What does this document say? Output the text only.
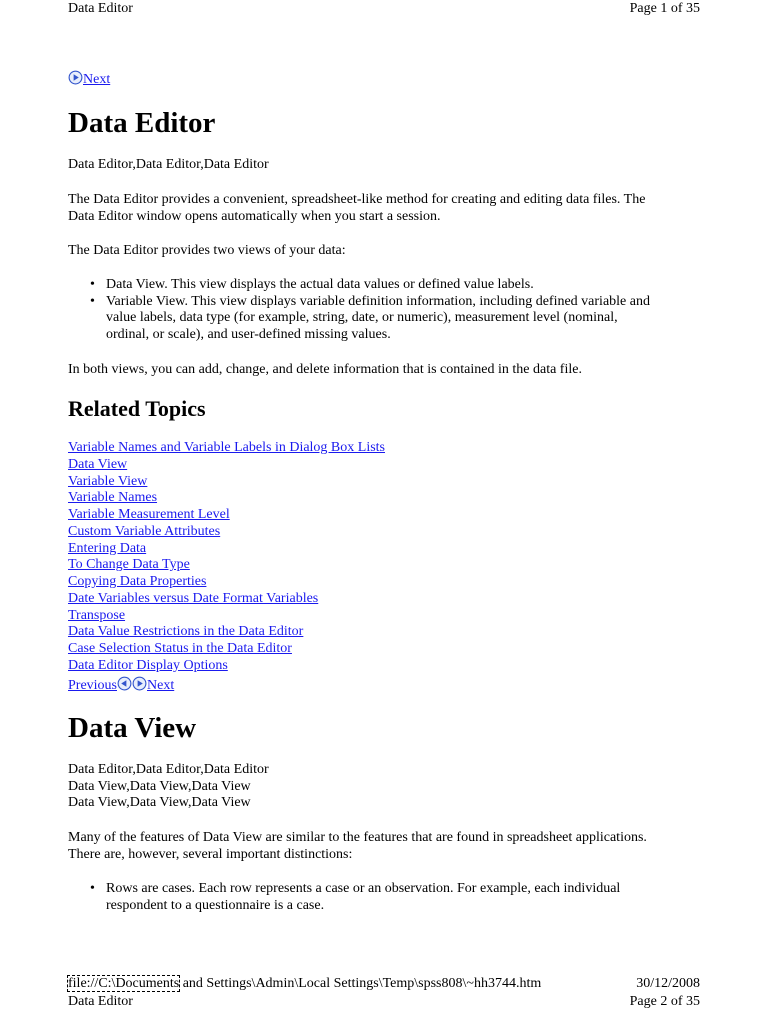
Data Editor	Page 1 of 35
Next
Data Editor
Data Editor,Data Editor,Data Editor
The Data Editor provides a convenient, spreadsheet-like method for creating and editing data files. The
Data Editor window opens automatically when you start a session.
The Data Editor provides two views of your data:
• Data View. This view displays the actual data values or defined value labels.
• Variable View. This view displays variable definition information, including defined variable and
value labels, data type (for example, string, date, or numeric), measurement level (nominal,
ordinal, or scale), and user-defined missing values.
In both views, you can add, change, and delete information that is contained in the data file.
Related Topics
Variable Names and Variable Labels in Dialog Box Lists
Data View
Variable View
Variable Names
Variable Measurement Level
Custom Variable Attributes
Entering Data
To Change Data Type
Copying Data Properties
Date Variables versus Date Format Variables
Transpose
Data Value Restrictions in the Data Editor
Case Selection Status in the Data Editor
Data Editor Display Options
Previous Next
Data View
Data Editor,Data Editor,Data Editor
Data View,Data View,Data View
Data View,Data View,Data View
Many of the features of Data View are similar to the features that are found in spreadsheet applications.
There are, however, several important distinctions:
• Rows are cases. Each row represents a case or an observation. For example, each individual
respondent to a questionnaire is a case.
file://C:\Documents and Settings\Admin\Local Settings\Temp\spss808\~hh3744.htm	30/12/2008
Data Editor	Page 2 of 35
